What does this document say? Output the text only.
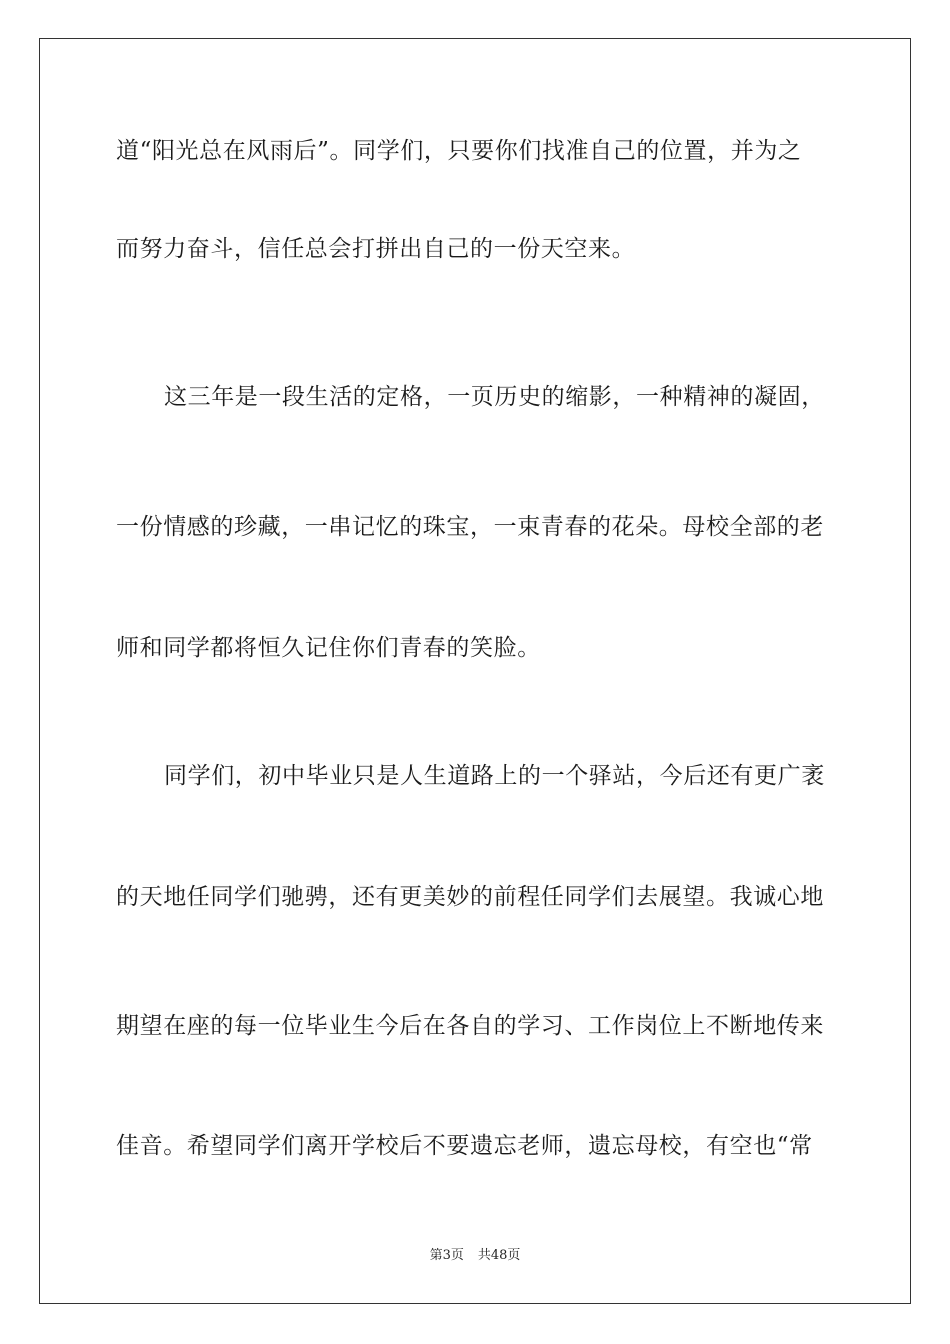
道“阳光总在风雨后”。同学们，只要你们找准自己的位置，并为之
而努力奋斗，信任总会打拼出自己的一份天空来。
这三年是一段生活的定格，一页历史的缩影，一种精神的凝固，
一份情感的珍藏，一串记忆的珠宝，一束青春的花朵。母校全部的老
师和同学都将恒久记住你们青春的笑脸。
同学们，初中毕业只是人生道路上的一个驿站，今后还有更广袤
的天地任同学们驰骋，还有更美妙的前程任同学们去展望。我诚心地
期望在座的每一位毕业生今后在各自的学习、工作岗位上不断地传来
佳音。希望同学们离开学校后不要遗忘老师，遗忘母校，有空也“常
第3页 共48页
